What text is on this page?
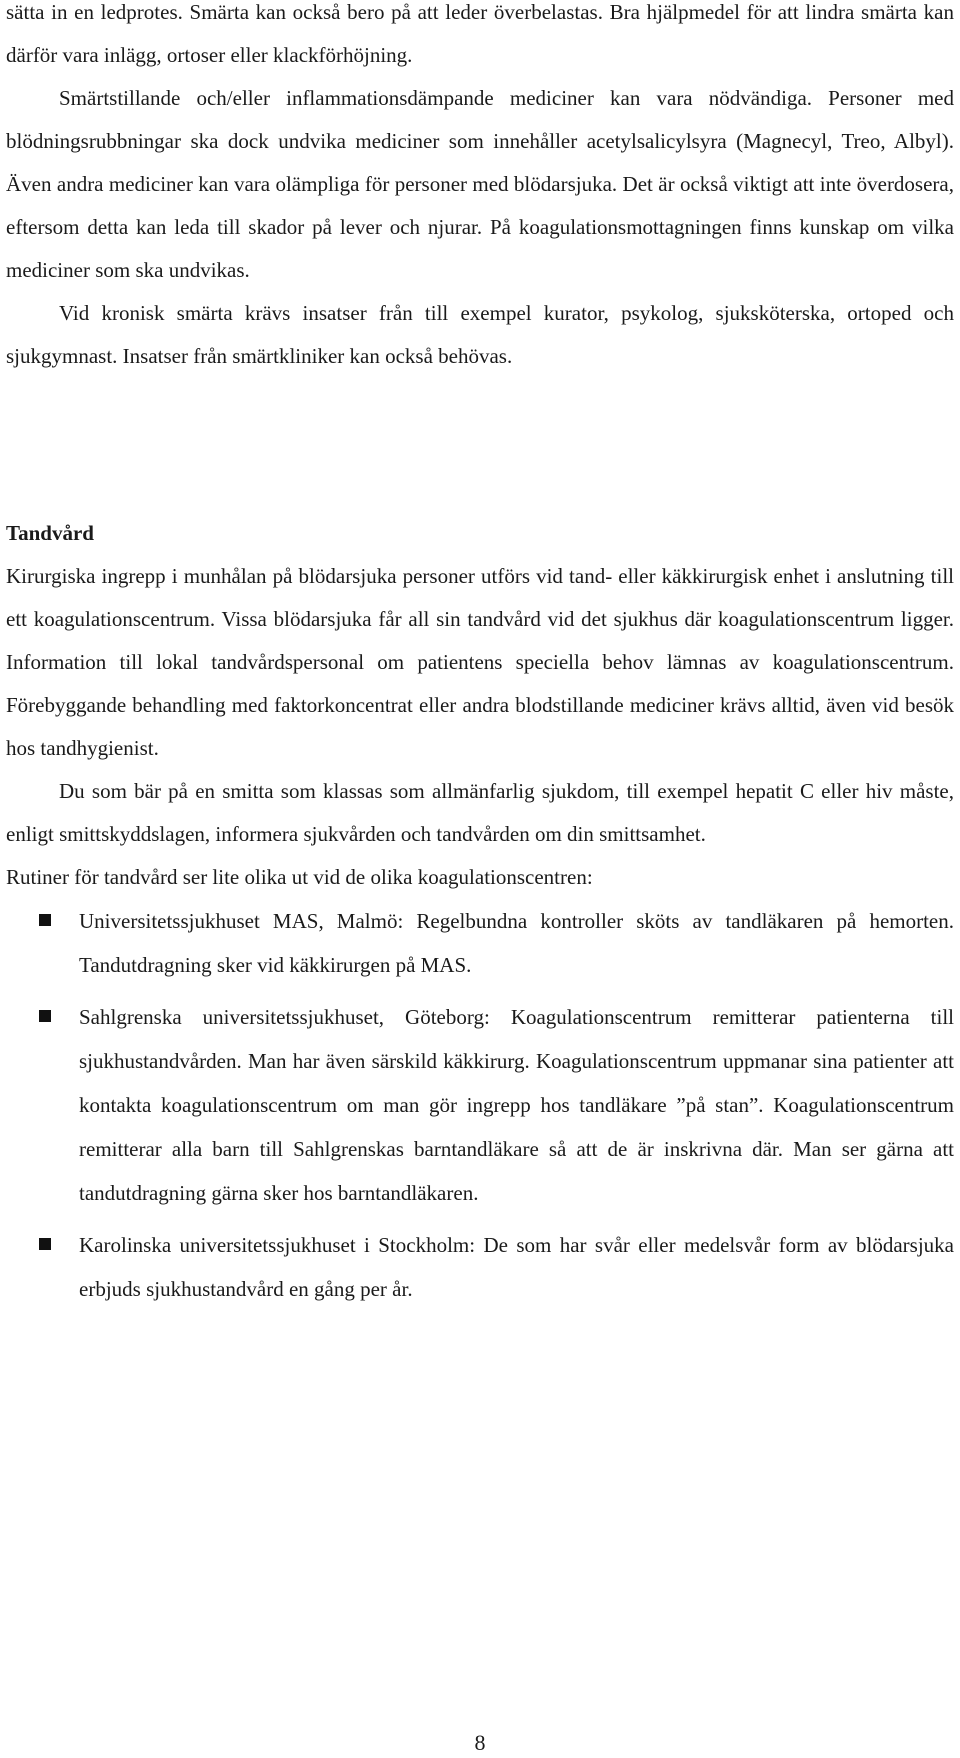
sätta in en ledprotes. Smärta kan också bero på att leder överbelastas. Bra hjälpmedel för att lindra smärta kan därför vara inlägg, ortoser eller klackförhöjning.

Smärtstillande och/eller inflammationsdämpande mediciner kan vara nödvändiga. Personer med blödningsrubbningar ska dock undvika mediciner som innehåller acetylsalicylsyra (Magnecyl, Treo, Albyl). Även andra mediciner kan vara olämpliga för personer med blödarsjuka. Det är också viktigt att inte överdosera, eftersom detta kan leda till skador på lever och njurar. På koagulationsmottagningen finns kunskap om vilka mediciner som ska undvikas.

Vid kronisk smärta krävs insatser från till exempel kurator, psykolog, sjuksköterska, ortoped och sjukgymnast. Insatser från smärtkliniker kan också behövas.

Tandvård

Kirurgiska ingrepp i munhålan på blödarsjuka personer utförs vid tand- eller käkkirurgisk enhet i anslutning till ett koagulationscentrum. Vissa blödarsjuka får all sin tandvård vid det sjukhus där koagulationscentrum ligger. Information till lokal tandvårdspersonal om patientens speciella behov lämnas av koagulationscentrum. Förebyggande behandling med faktorkoncentrat eller andra blodstillande mediciner krävs alltid, även vid besök hos tandhygienist.

Du som bär på en smitta som klassas som allmänfarlig sjukdom, till exempel hepatit C eller hiv måste, enligt smittskyddslagen, informera sjukvården och tandvården om din smittsamhet.

Rutiner för tandvård ser lite olika ut vid de olika koagulationscentren:

Universitetssjukhuset MAS, Malmö: Regelbundna kontroller sköts av tandläkaren på hemorten. Tandutdragning sker vid käkkirurgen på MAS.
Sahlgrenska universitetssjukhuset, Göteborg: Koagulationscentrum remitterar patienterna till sjukhustandvården. Man har även särskild käkkirurg. Koagulationscentrum uppmanar sina patienter att kontakta koagulationscentrum om man gör ingrepp hos tandläkare ”på stan”. Koagulationscentrum remitterar alla barn till Sahlgrenskas barntandläkare så att de är inskrivna där. Man ser gärna att tandutdragning gärna sker hos barntandläkaren.
Karolinska universitetssjukhuset i Stockholm: De som har svår eller medelsvår form av blödarsjuka erbjuds sjukhustandvård en gång per år.
8
